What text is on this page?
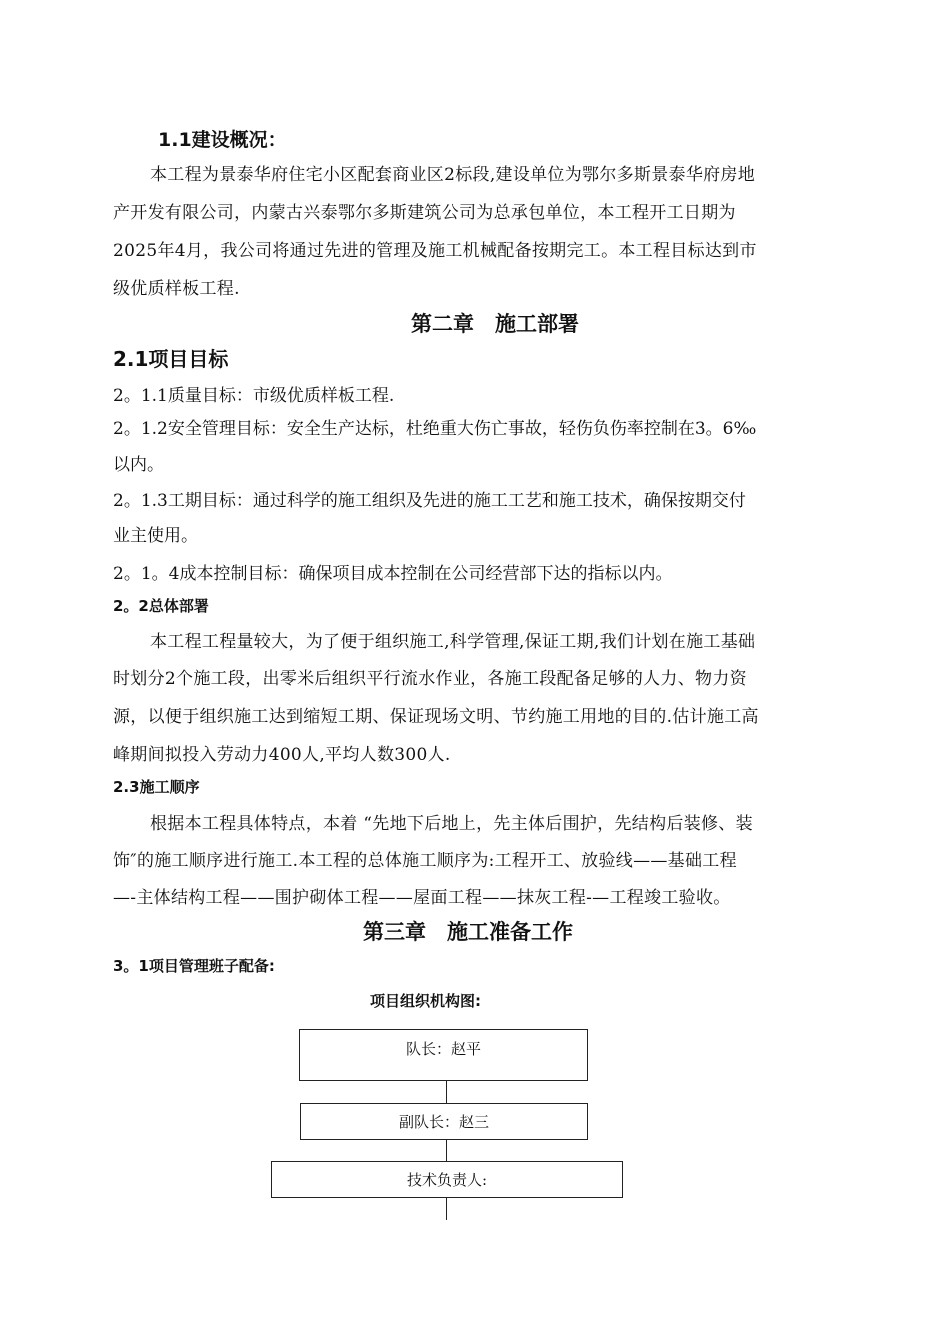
1.1建设概况：
本工程为景泰华府住宅小区配套商业区2标段,建设单位为鄂尔多斯景泰华府房地
产开发有限公司，内蒙古兴泰鄂尔多斯建筑公司为总承包单位，本工程开工日期为
2025年4月，我公司将通过先进的管理及施工机械配备按期完工。本工程目标达到市
级优质样板工程.
第二章　施工部署
2.1项目目标
2。1.1质量目标：市级优质样板工程.
2。1.2安全管理目标：安全生产达标，杜绝重大伤亡事故，轻伤负伤率控制在3。6‰
以内。
2。1.3工期目标：通过科学的施工组织及先进的施工工艺和施工技术，确保按期交付
业主使用。
2。1。4成本控制目标：确保项目成本控制在公司经营部下达的指标以内。
2。2总体部署
本工程工程量较大，为了便于组织施工,科学管理,保证工期,我们计划在施工基础
时划分2个施工段，出零米后组织平行流水作业，各施工段配备足够的人力、物力资
源，以便于组织施工达到缩短工期、保证现场文明、节约施工用地的目的.估计施工高
峰期间拟投入劳动力400人,平均人数300人.
2.3施工顺序
根据本工程具体特点，本着 “先地下后地上，先主体后围护，先结构后装修、装
饰″的施工顺序进行施工.本工程的总体施工顺序为:工程开工、放验线——基础工程
—-主体结构工程——围护砌体工程——屋面工程——抹灰工程-—工程竣工验收。
第三章　施工准备工作
3。1项目管理班子配备:
项目组织机构图:
队长：赵平
副队长：赵三
技术负责人:
